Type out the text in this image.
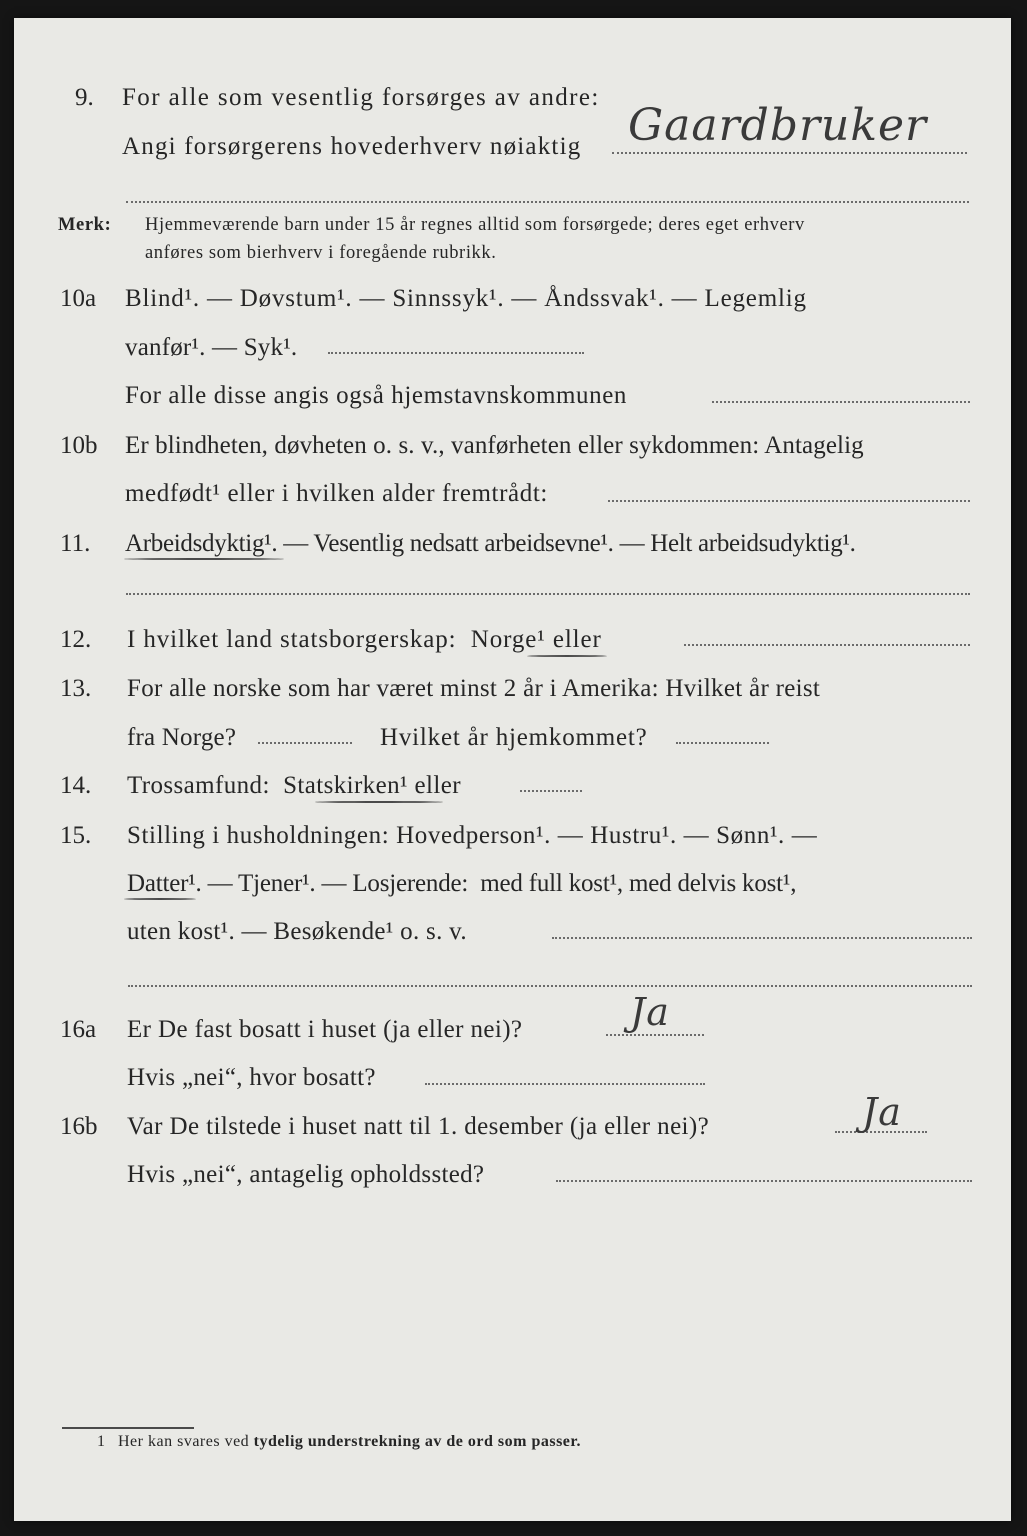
9. For alle som vesentlig forsørges av andre:
Angi forsørgerens hovederhverv nøiaktig Gaardbruker
Merk: Hjemmeværende barn under 15 år regnes alltid som forsørgede; deres eget erhverv
anføres som bierhverv i foregående rubrikk.
10a Blind¹. — Døvstum¹. — Sinnssyk¹. — Åndssvak¹. — Legemlig
vanfør¹. — Syk¹.
For alle disse angis også hjemstavnskommunen
10b Er blindheten, døvheten o. s. v., vanførheten eller sykdommen: Antagelig
medfødt¹ eller i hvilken alder fremtrådt:
11. Arbeidsdyktig¹. — Vesentlig nedsatt arbeidsevne¹. — Helt arbeidsudyktig¹.
12. I hvilket land statsborgerskap:  Norge¹ eller
13. For alle norske som har været minst 2 år i Amerika: Hvilket år reist
fra Norge?	Hvilket år hjemkommet?
14. Trossamfund:  Statskirken¹ eller
15. Stilling i husholdningen: Hovedperson¹. — Hustru¹. — Sønn¹. —
Datter¹. — Tjener¹. — Losjerende:  med full kost¹, med delvis kost¹,
uten kost¹. — Besøkende¹ o. s. v.
16a Er De fast bosatt i huset (ja eller nei)?	Ja
Hvis „nei“, hvor bosatt?
16b Var De tilstede i huset natt til 1. desember (ja eller nei)?	Ja
Hvis „nei“, antagelig opholdssted?
1 Her kan svares ved tydelig understrekning av de ord som passer.
